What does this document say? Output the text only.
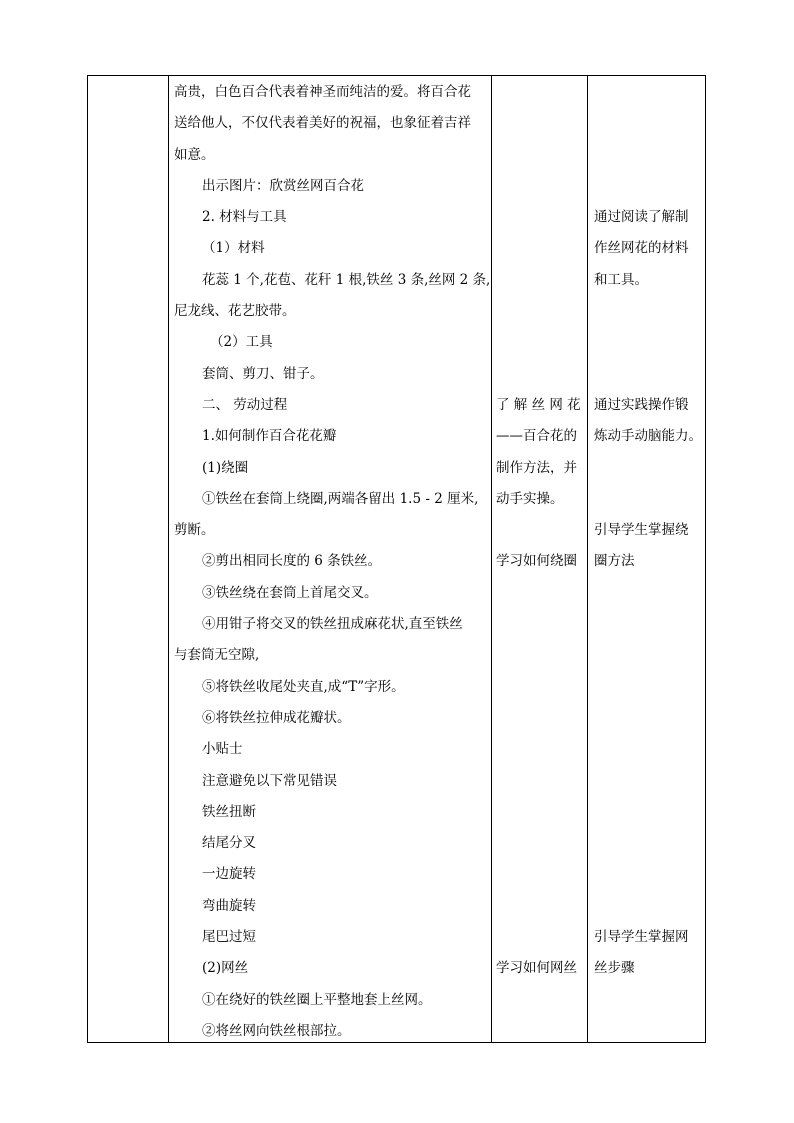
高贵，白色百合代表着神圣而纯洁的爱。将百合花
送给他人，不仅代表着美好的祝福，也象征着吉祥
如意。
出示图片：欣赏丝网百合花
2. 材料与工具
（1）材料
花蕊 1 个,花苞、花秆 1 根,铁丝 3 条,丝网 2 条,
尼龙线、花艺胶带。
（2）工具
套筒、剪刀、钳子。
二、 劳动过程
1.如何制作百合花花瓣
(1)绕圈
①铁丝在套筒上绕圈,两端各留出 1.5 - 2 厘米,
剪断。
②剪出相同长度的 6 条铁丝。
③铁丝绕在套筒上首尾交叉。
④用钳子将交叉的铁丝扭成麻花状,直至铁丝
与套筒无空隙,
⑤将铁丝收尾处夹直,成“T”字形。
⑥将铁丝拉伸成花瓣状。
小贴士
注意避免以下常见错误
铁丝扭断
结尾分叉
一边旋转
弯曲旋转
尾巴过短
(2)网丝
①在绕好的铁丝圈上平整地套上丝网。
②将丝网向铁丝根部拉。
了 解 丝 网 花
——百合花的
制作方法，并
动手实操。
学习如何绕圈
学习如何网丝
通过阅读了解制
作丝网花的材料
和工具。
通过实践操作锻
炼动手动脑能力。
引导学生掌握绕
圈方法
引导学生掌握网
丝步骤
